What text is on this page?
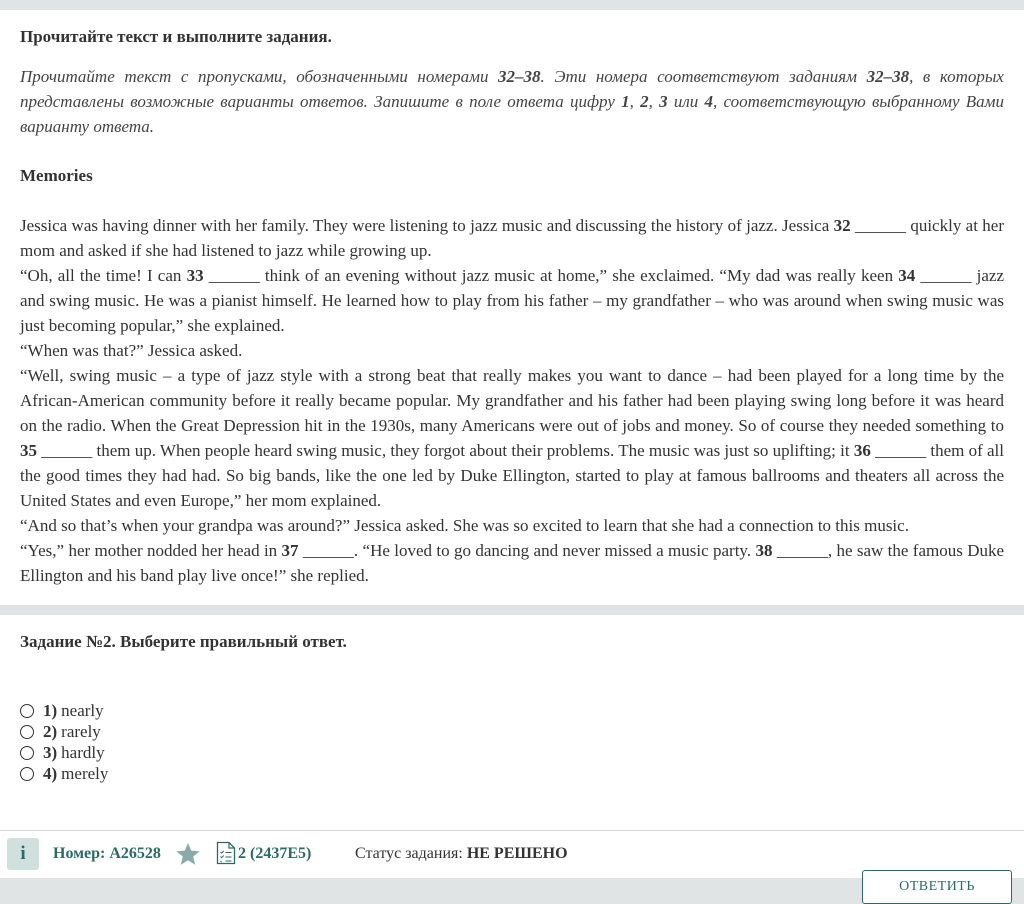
Прочитайте текст и выполните задания.

Прочитайте текст с пропусками, обозначенными номерами 32–38. Эти номера соответствуют заданиям 32–38, в которых представлены возможные варианты ответов. Запишите в поле ответа цифру 1, 2, 3 или 4, соответствующую выбранному Вами варианту ответа.

Memories

Jessica was having dinner with her family. They were listening to jazz music and discussing the history of jazz. Jessica 32 ______ quickly at her mom and asked if she had listened to jazz while growing up.

“Oh, all the time! I can 33 ______ think of an evening without jazz music at home,” she exclaimed. “My dad was really keen 34 ______ jazz and swing music. He was a pianist himself. He learned how to play from his father – my grandfather – who was around when swing music was just becoming popular,” she explained.

“When was that?” Jessica asked.

“Well, swing music – a type of jazz style with a strong beat that really makes you want to dance – had been played for a long time by the African-American community before it really became popular. My grandfather and his father had been playing swing long before it was heard on the radio. When the Great Depression hit in the 1930s, many Americans were out of jobs and money. So of course they needed something to 35 ______ them up. When people heard swing music, they forgot about their problems. The music was just so uplifting; it 36 ______ them of all the good times they had had. So big bands, like the one led by Duke Ellington, started to play at famous ballrooms and theaters all across the United States and even Europe,” her mom explained.

“And so that’s when your grandpa was around?” Jessica asked. She was so excited to learn that she had a connection to this music.

“Yes,” her mother nodded her head in 37 ______. “He loved to go dancing and never missed a music party. 38 ______, he saw the famous Duke Ellington and his band play live once!” she replied.

Задание №2. Выберите правильный ответ.

1) nearly
2) rarely
3) hardly
4) merely
i	Номер: A26528	2 (2437E5)	Статус задания: НЕ РЕШЕНО
ОТВЕТИТЬ
